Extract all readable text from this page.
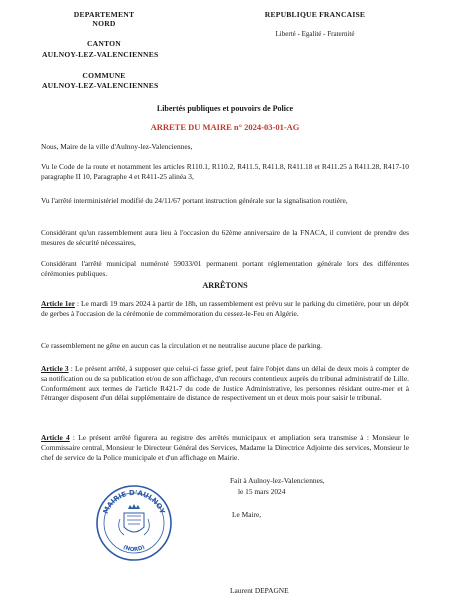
DEPARTEMENT
NORD
CANTON
AULNOY-LEZ-VALENCIENNES
COMMUNE
AULNOY-LEZ-VALENCIENNES
REPUBLIQUE FRANCAISE
Liberté - Egalité - Fraternité
Libertés publiques et pouvoirs de Police
ARRETE DU MAIRE n° 2024-03-01-AG
Nous, Maire de la ville d'Aulnoy-lez-Valenciennes,
Vu le Code de la route et notamment les articles R110.1, R110.2, R411.5, R411.8, R411.18 et R411.25 à R411.28, R417-10 paragraphe II 10, Paragraphe 4 et R411-25 alinéa 3,
Vu l'arrêté interministériel modifié du 24/11/67 portant instruction générale sur la signalisation routière,
Considérant qu'un rassemblement aura lieu à l'occasion du 62ème anniversaire de la FNACA, il convient de prendre des mesures de sécurité nécessaires,
Considérant l'arrêté municipal numéroté 59033/01 permanent portant réglementation générale lors des différentes cérémonies publiques.
ARRÊTONS
Article 1er : Le mardi 19 mars 2024 à partir de 18h, un rassemblement est prévu sur le parking du cimetière, pour un dépôt de gerbes à l'occasion de la cérémonie de commémoration du cessez-le-Feu en Algérie.
Ce rassemblement ne gêne en aucun cas la circulation et ne neutralise aucune place de parking.
Article 3 : Le présent arrêté, à supposer que celui-ci fasse grief, peut faire l'objet dans un délai de deux mois à compter de sa notification ou de sa publication et/ou de son affichage, d'un recours contentieux auprès du tribunal administratif de Lille. Conformément aux termes de l'article R421-7 du code de Justice Administrative, les personnes résidant outre-mer et à l'étranger disposent d'un délai supplémentaire de distance de respectivement un et deux mois pour saisir le tribunal.
Article 4 : Le présent arrêté figurera au registre des arrêtés municipaux et ampliation sera transmise à : Monsieur le Commissaire central, Monsieur le Directeur Général des Services, Madame la Directrice Adjointe des services, Monsieur le chef de service de la Police municipale et d'un affichage en Mairie.
Fait à Aulnoy-lez-Valenciennes,
le 15 mars 2024
Le Maire,
Laurent DEPAGNE
MAIRIE D'AULNOY
(NORD)
